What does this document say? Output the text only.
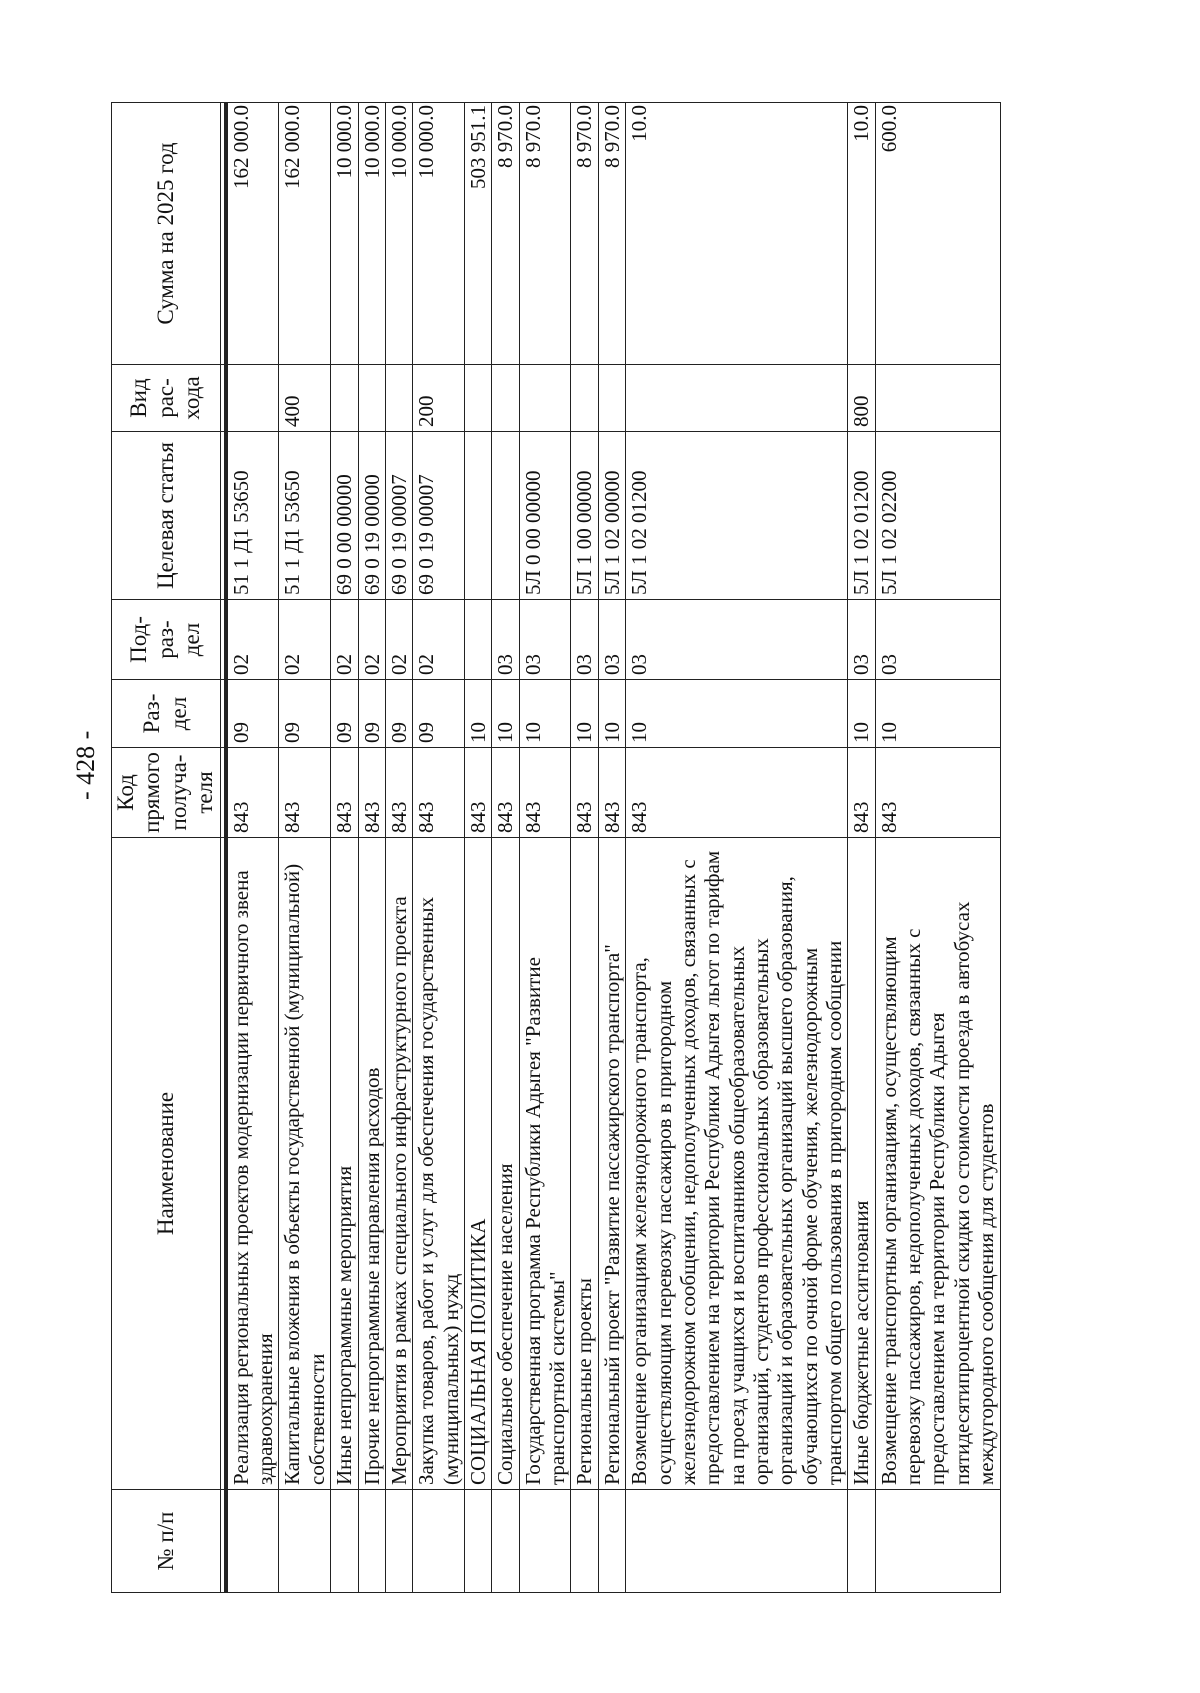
- 428 -
№ п/п	Наименование	Код прямого получа-теля	Раз-дел	Под-раз-дел	Целевая статья	Вид рас-хода	Сумма на 2025 год

	Реализация региональных проектов модернизации первичного звена здравоохранения	843	09	02	51 1 Д1 53650		162 000.0
	Капитальные вложения в объекты государственной (муниципальной) собственности	843	09	02	51 1 Д1 53650	400	162 000.0
	Иные непрограммные мероприятия	843	09	02	69 0 00 00000		10 000.0
	Прочие непрограммные направления расходов	843	09	02	69 0 19 00000		10 000.0
	Мероприятия в рамках специального инфраструктурного проекта	843	09	02	69 0 19 00007		10 000.0
	Закупка товаров, работ и услуг для обеспечения государственных (муниципальных) нужд	843	09	02	69 0 19 00007	200	10 000.0
	СОЦИАЛЬНАЯ ПОЛИТИКА	843	10				503 951.1
	Социальное обеспечение населения	843	10	03			8 970.0
	Государственная программа Республики Адыгея "Развитие транспортной системы"	843	10	03	5Л 0 00 00000		8 970.0
	Региональные проекты	843	10	03	5Л 1 00 00000		8 970.0
	Региональный проект "Развитие пассажирского транспорта"	843	10	03	5Л 1 02 00000		8 970.0
	Возмещение организациям железнодорожного транспорта, осуществляющим перевозку пассажиров в пригородном железнодорожном сообщении, недополученных доходов, связанных с предоставлением на территории Республики Адыгея льгот по тарифам на проезд учащихся и воспитанников общеобразовательных организаций, студентов профессиональных образовательных организаций и образовательных организаций высшего образования, обучающихся по очной форме обучения, железнодорожным транспортом общего пользования в пригородном сообщении	843	10	03	5Л 1 02 01200		10.0
	Иные бюджетные ассигнования	843	10	03	5Л 1 02 01200	800	10.0
	Возмещение транспортным организациям, осуществляющим перевозку пассажиров, недополученных доходов, связанных с предоставлением на территории Республики Адыгея пятидесятипроцентной скидки со стоимости проезда в автобусах междугородного сообщения для студентов	843	10	03	5Л 1 02 02200		600.0
